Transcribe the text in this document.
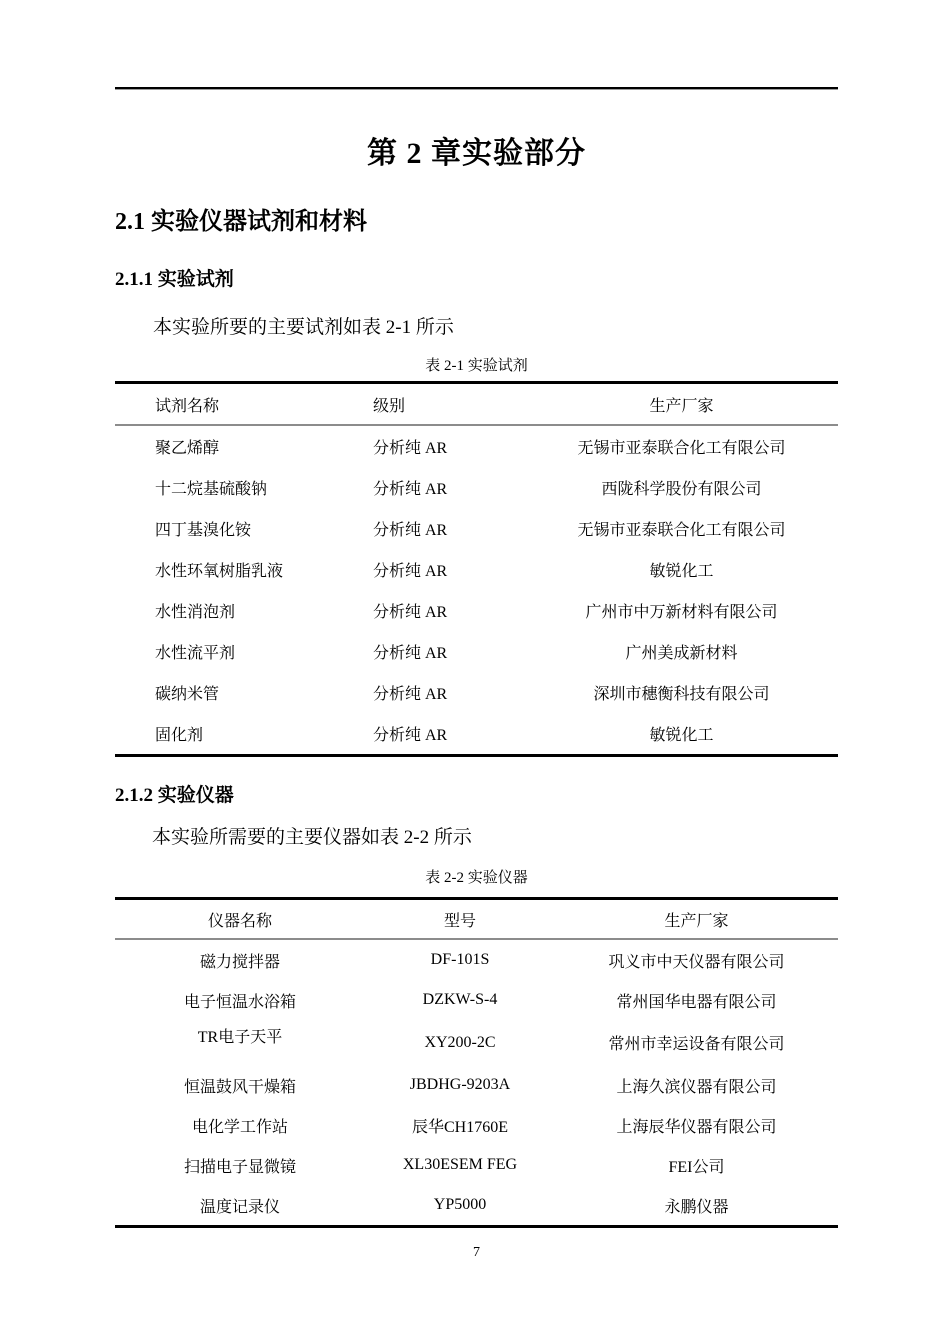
第 2 章实验部分
2.1 实验仪器试剂和材料
2.1.1 实验试剂

本实验所要的主要试剂如表 2-1 所示

表 2-1 实验试剂
试剂名称	级别	生产厂家
聚乙烯醇	分析纯 AR	无锡市亚泰联合化工有限公司
十二烷基硫酸钠	分析纯 AR	西陇科学股份有限公司
四丁基溴化铵	分析纯 AR	无锡市亚泰联合化工有限公司
水性环氧树脂乳液	分析纯 AR	敏锐化工
水性消泡剂	分析纯 AR	广州市中万新材料有限公司
水性流平剂	分析纯 AR	广州美成新材料
碳纳米管	分析纯 AR	深圳市穗衡科技有限公司
固化剂	分析纯 AR	敏锐化工
2.1.2 实验仪器

本实验所需要的主要仪器如表 2-2 所示

表 2-2 实验仪器
仪器名称	型号	生产厂家
磁力搅拌器	DF-101S	巩义市中天仪器有限公司
电子恒温水浴箱	DZKW-S-4	常州国华电器有限公司
TR电子天平	XY200-2C	常州市幸运设备有限公司
恒温鼓风干燥箱	JBDHG-9203A	上海久滨仪器有限公司
电化学工作站	辰华CH1760E	上海辰华仪器有限公司
扫描电子显微镜	XL30ESEM FEG	FEI公司
温度记录仪	YP5000	永鹏仪器
7
